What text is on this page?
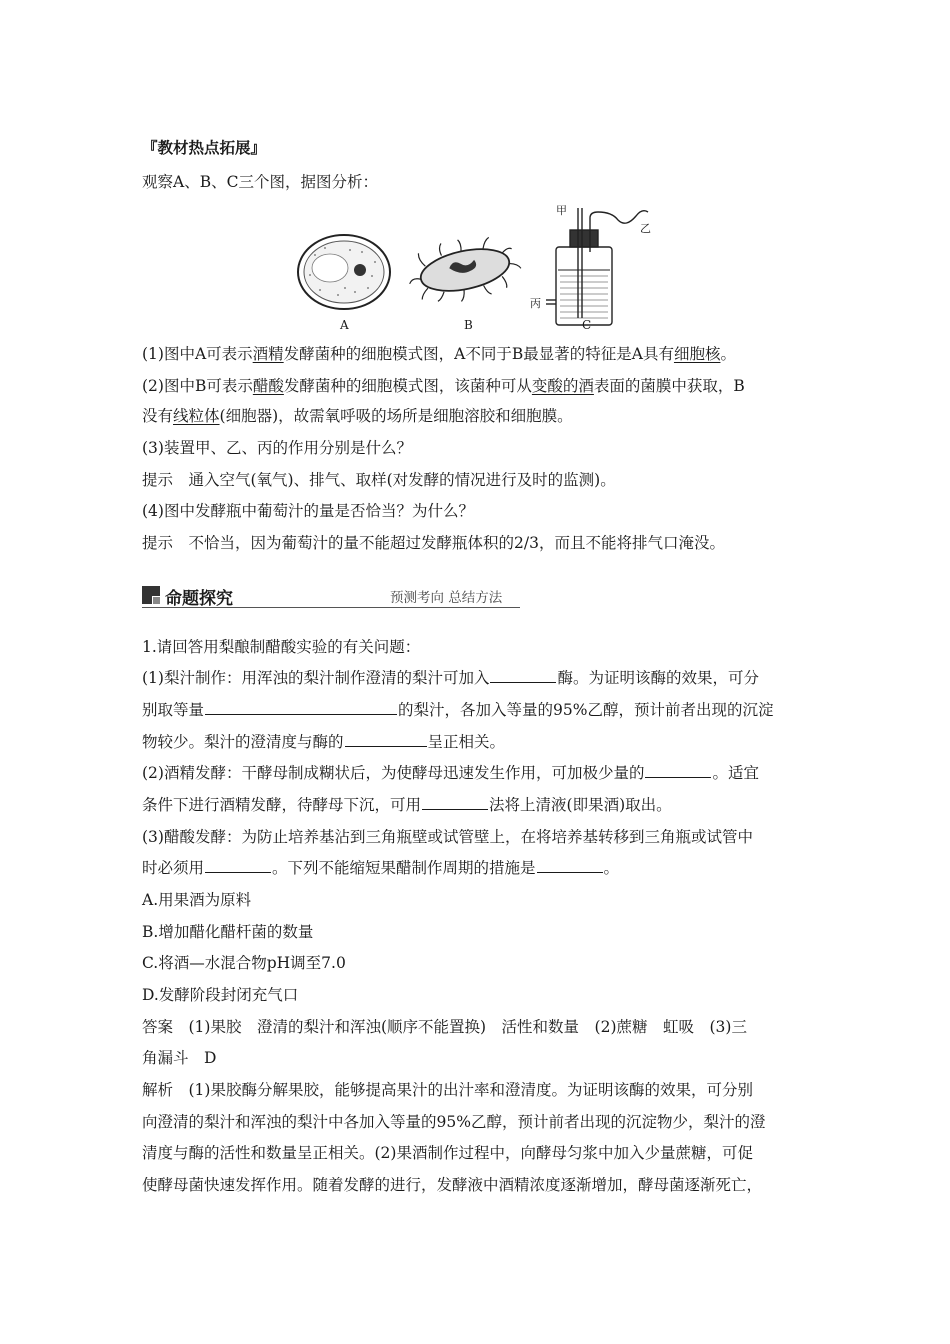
『教材热点拓展』
观察A、B、C三个图，据图分析：
A	B	C
甲
乙
丙
(1)图中A可表示酒精发酵菌种的细胞模式图，A不同于B最显著的特征是A具有细胞核。
(2)图中B可表示醋酸发酵菌种的细胞模式图，该菌种可从变酸的酒表面的菌膜中获取，B
没有线粒体(细胞器)，故需氧呼吸的场所是细胞溶胶和细胞膜。
(3)装置甲、乙、丙的作用分别是什么？
提示　通入空气(氧气)、排气、取样(对发酵的情况进行及时的监测)。
(4)图中发酵瓶中葡萄汁的量是否恰当？为什么？
提示　不恰当，因为葡萄汁的量不能超过发酵瓶体积的2/3，而且不能将排气口淹没。
命题探究	预测考向 总结方法
1.请回答用梨酿制醋酸实验的有关问题：
(1)梨汁制作：用浑浊的梨汁制作澄清的梨汁可加入	酶。为证明该酶的效果，可分
别取等量	的梨汁，各加入等量的95%乙醇，预计前者出现的沉淀
物较少。梨汁的澄清度与酶的	呈正相关。
(2)酒精发酵：干酵母制成糊状后，为使酵母迅速发生作用，可加极少量的	。适宜
条件下进行酒精发酵，待酵母下沉，可用	法将上清液(即果酒)取出。
(3)醋酸发酵：为防止培养基沾到三角瓶壁或试管壁上，在将培养基转移到三角瓶或试管中
时必须用	。下列不能缩短果醋制作周期的措施是	。
A.用果酒为原料
B.增加醋化醋杆菌的数量
C.将酒—水混合物pH调至7.0
D.发酵阶段封闭充气口
答案　(1)果胶　澄清的梨汁和浑浊(顺序不能置换)　活性和数量　(2)蔗糖　虹吸　(3)三
角漏斗　D
解析　(1)果胶酶分解果胶，能够提高果汁的出汁率和澄清度。为证明该酶的效果，可分别
向澄清的梨汁和浑浊的梨汁中各加入等量的95%乙醇，预计前者出现的沉淀物少，梨汁的澄
清度与酶的活性和数量呈正相关。(2)果酒制作过程中，向酵母匀浆中加入少量蔗糖，可促
使酵母菌快速发挥作用。随着发酵的进行，发酵液中酒精浓度逐渐增加，酵母菌逐渐死亡，
